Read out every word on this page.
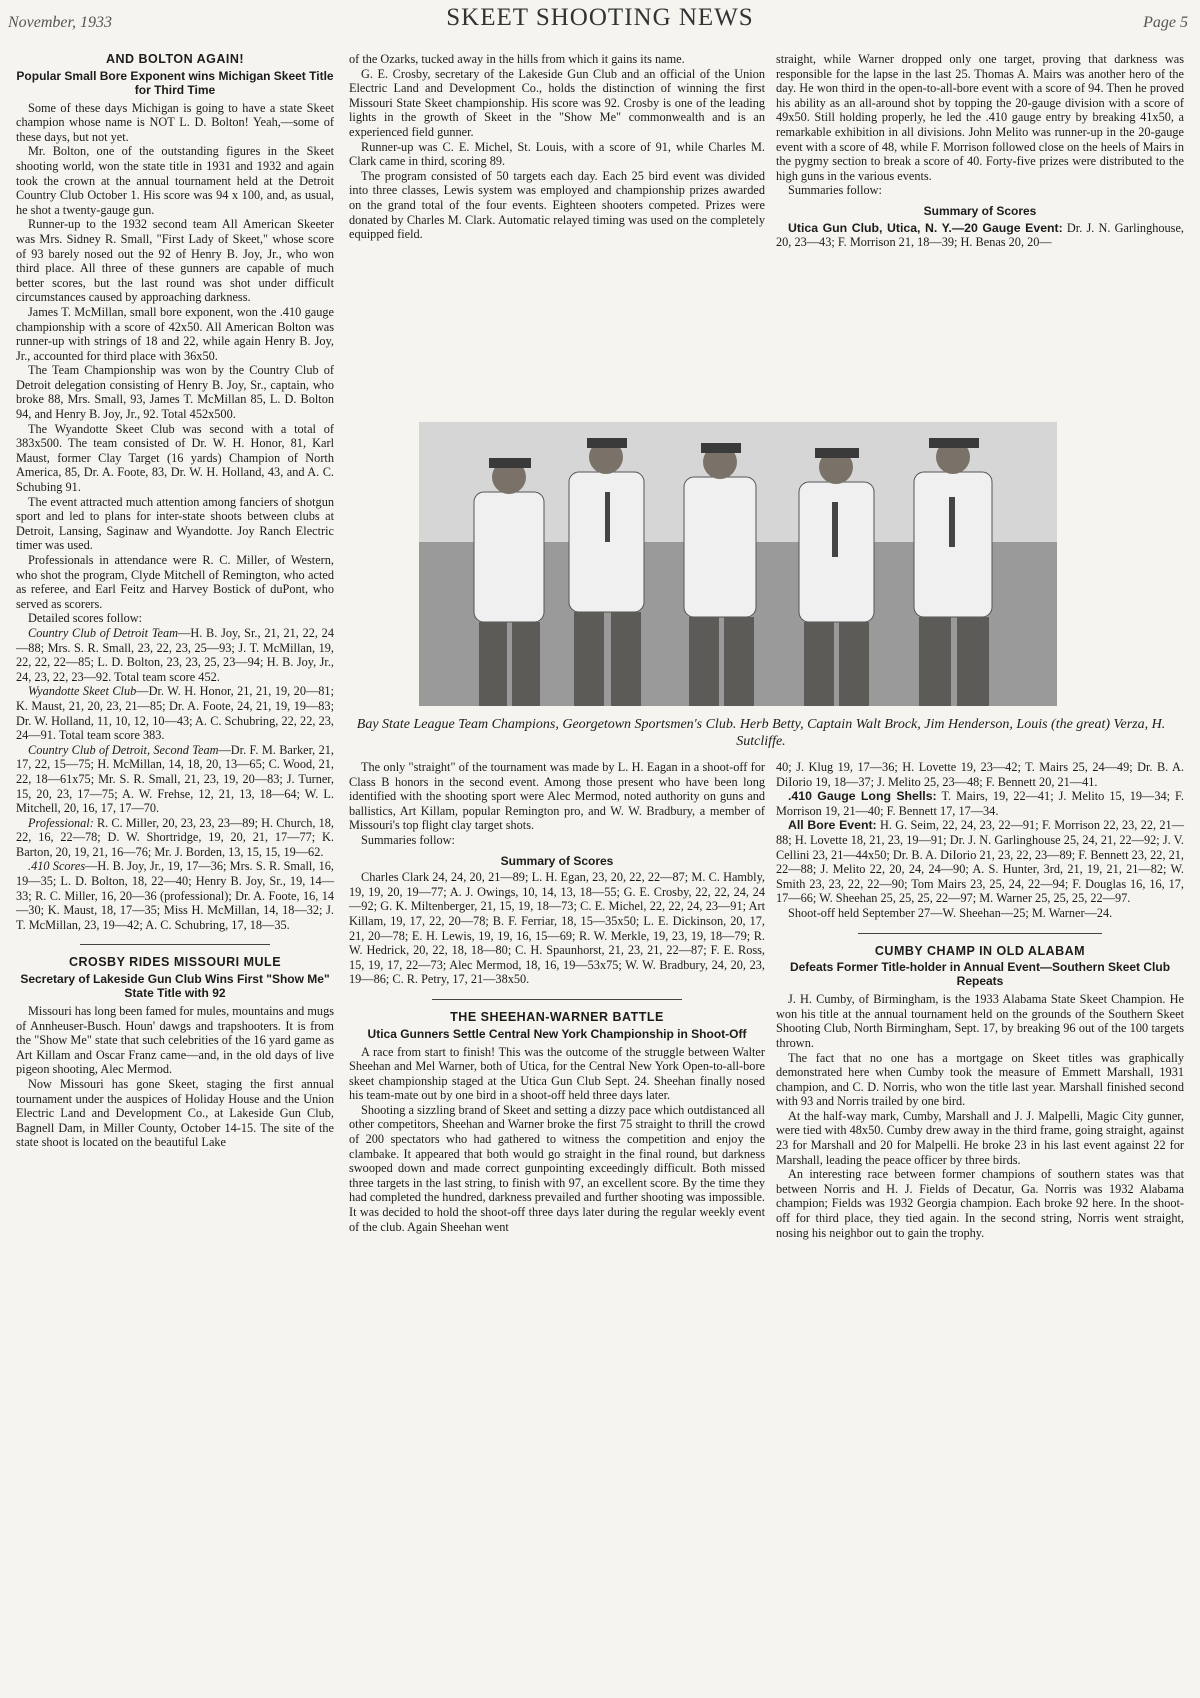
November, 1933	SKEET SHOOTING NEWS	Page 5
AND BOLTON AGAIN!
Popular Small Bore Exponent wins Michigan Skeet Title for Third Time

Some of these days Michigan is going to have a state Skeet champion whose name is NOT L. D. Bolton! Yeah,—some of these days, but not yet.

Mr. Bolton, one of the outstanding figures in the Skeet shooting world, won the state title in 1931 and 1932 and again took the crown at the annual tournament held at the Detroit Country Club October 1. His score was 94 x 100, and, as usual, he shot a twenty-gauge gun.

Runner-up to the 1932 second team All American Skeeter was Mrs. Sidney R. Small, "First Lady of Skeet," whose score of 93 barely nosed out the 92 of Henry B. Joy, Jr., who won third place. All three of these gunners are capable of much better scores, but the last round was shot under difficult circumstances caused by approaching darkness.

James T. McMillan, small bore exponent, won the .410 gauge championship with a score of 42x50. All American Bolton was runner-up with strings of 18 and 22, while again Henry B. Joy, Jr., accounted for third place with 36x50.

The Team Championship was won by the Country Club of Detroit delegation consisting of Henry B. Joy, Sr., captain, who broke 88, Mrs. Small, 93, James T. McMillan 85, L. D. Bolton 94, and Henry B. Joy, Jr., 92. Total 452x500.

The Wyandotte Skeet Club was second with a total of 383x500. The team consisted of Dr. W. H. Honor, 81, Karl Maust, former Clay Target (16 yards) Champion of North America, 85, Dr. A. Foote, 83, Dr. W. H. Holland, 43, and A. C. Schubing 91.

The event attracted much attention among fanciers of shotgun sport and led to plans for inter-state shoots between clubs at Detroit, Lansing, Saginaw and Wyandotte. Joy Ranch Electric timer was used.

Professionals in attendance were R. C. Miller, of Western, who shot the program, Clyde Mitchell of Remington, who acted as referee, and Earl Feitz and Harvey Bostick of duPont, who served as scorers.

Detailed scores follow:

Country Club of Detroit Team—H. B. Joy, Sr., 21, 21, 22, 24—88; Mrs. S. R. Small, 23, 22, 23, 25—93; J. T. McMillan, 19, 22, 22, 22—85; L. D. Bolton, 23, 23, 25, 23—94; H. B. Joy, Jr., 24, 23, 22, 23—92. Total team score 452.

Wyandotte Skeet Club—Dr. W. H. Honor, 21, 21, 19, 20—81; K. Maust, 21, 20, 23, 21—85; Dr. A. Foote, 24, 21, 19, 19—83; Dr. W. Holland, 11, 10, 12, 10—43; A. C. Schubring, 22, 22, 23, 24—91. Total team score 383.

Country Club of Detroit, Second Team—Dr. F. M. Barker, 21, 17, 22, 15—75; H. McMillan, 14, 18, 20, 13—65; C. Wood, 21, 22, 18—61x75; Mr. S. R. Small, 21, 23, 19, 20—83; J. Turner, 15, 20, 23, 17—75; A. W. Frehse, 12, 21, 13, 18—64; W. L. Mitchell, 20, 16, 17, 17—70.

Professional: R. C. Miller, 20, 23, 23, 23—89; H. Church, 18, 22, 16, 22—78; D. W. Shortridge, 19, 20, 21, 17—77; K. Barton, 20, 19, 21, 16—76; Mr. J. Borden, 13, 15, 15, 19—62.

.410 Scores—H. B. Joy, Jr., 19, 17—36; Mrs. S. R. Small, 16, 19—35; L. D. Bolton, 18, 22—40; Henry B. Joy, Sr., 19, 14—33; R. C. Miller, 16, 20—36 (professional); Dr. A. Foote, 16, 14—30; K. Maust, 18, 17—35; Miss H. McMillan, 14, 18—32; J. T. McMillan, 23, 19—42; A. C. Schubring, 17, 18—35.

CROSBY RIDES MISSOURI MULE
Secretary of Lakeside Gun Club Wins First "Show Me" State Title with 92

Missouri has long been famed for mules, mountains and mugs of Annheuser-Busch. Houn' dawgs and trapshooters. It is from the "Show Me" state that such celebrities of the 16 yard game as Art Killam and Oscar Franz came—and, in the old days of live pigeon shooting, Alec Mermod.

Now Missouri has gone Skeet, staging the first annual tournament under the auspices of Holiday House and the Union Electric Land and Development Co., at Lakeside Gun Club, Bagnell Dam, in Miller County, October 14-15. The site of the state shoot is located on the beautiful Lake

of the Ozarks, tucked away in the hills from which it gains its name.

G. E. Crosby, secretary of the Lakeside Gun Club and an official of the Union Electric Land and Development Co., holds the distinction of winning the first Missouri State Skeet championship. His score was 92. Crosby is one of the leading lights in the growth of Skeet in the "Show Me" commonwealth and is an experienced field gunner.

Runner-up was C. E. Michel, St. Louis, with a score of 91, while Charles M. Clark came in third, scoring 89.

The program consisted of 50 targets each day. Each 25 bird event was divided into three classes, Lewis system was employed and championship prizes awarded on the grand total of the four events. Eighteen shooters competed. Prizes were donated by Charles M. Clark. Automatic relayed timing was used on the completely equipped field.

straight, while Warner dropped only one target, proving that darkness was responsible for the lapse in the last 25. Thomas A. Mairs was another hero of the day. He won third in the open-to-all-bore event with a score of 94. Then he proved his ability as an all-around shot by topping the 20-gauge division with a score of 49x50. Still holding properly, he led the .410 gauge entry by breaking 41x50, a remarkable exhibition in all divisions. John Melito was runner-up in the 20-gauge event with a score of 48, while F. Morrison followed close on the heels of Mairs in the pygmy section to break a score of 40. Forty-five prizes were distributed to the high guns in the various events.

Summaries follow:

Summary of Scores

Utica Gun Club, Utica, N. Y.—20 Gauge Event: Dr. J. N. Garlinghouse, 20, 23—43; F. Morrison 21, 18—39; H. Benas 20, 20—

Bay State League Team Champions, Georgetown Sportsmen's Club. Herb Betty, Captain Walt Brock, Jim Henderson, Louis (the great) Verza, H. Sutcliffe.

The only "straight" of the tournament was made by L. H. Eagan in a shoot-off for Class B honors in the second event. Among those present who have been long identified with the shooting sport were Alec Mermod, noted authority on guns and ballistics, Art Killam, popular Remington pro, and W. W. Bradbury, a member of Missouri's top flight clay target shots.

Summaries follow:

Summary of Scores

Charles Clark 24, 24, 20, 21—89; L. H. Egan, 23, 20, 22, 22—87; M. C. Hambly, 19, 19, 20, 19—77; A. J. Owings, 10, 14, 13, 18—55; G. E. Crosby, 22, 22, 24, 24—92; G. K. Miltenberger, 21, 15, 19, 18—73; C. E. Michel, 22, 22, 24, 23—91; Art Killam, 19, 17, 22, 20—78; B. F. Ferriar, 18, 15—35x50; L. E. Dickinson, 20, 17, 21, 20—78; E. H. Lewis, 19, 19, 16, 15—69; R. W. Merkle, 19, 23, 19, 18—79; R. W. Hedrick, 20, 22, 18, 18—80; C. H. Spaunhorst, 21, 23, 21, 22—87; F. E. Ross, 15, 19, 17, 22—73; Alec Mermod, 18, 16, 19—53x75; W. W. Bradbury, 24, 20, 23, 19—86; C. R. Petry, 17, 21—38x50.

THE SHEEHAN-WARNER BATTLE
Utica Gunners Settle Central New York Championship in Shoot-Off

A race from start to finish! This was the outcome of the struggle between Walter Sheehan and Mel Warner, both of Utica, for the Central New York Open-to-all-bore skeet championship staged at the Utica Gun Club Sept. 24. Sheehan finally nosed his team-mate out by one bird in a shoot-off held three days later.

Shooting a sizzling brand of Skeet and setting a dizzy pace which outdistanced all other competitors, Sheehan and Warner broke the first 75 straight to thrill the crowd of 200 spectators who had gathered to witness the competition and enjoy the clambake. It appeared that both would go straight in the final round, but darkness swooped down and made correct gunpointing exceedingly difficult. Both missed three targets in the last string, to finish with 97, an excellent score. By the time they had completed the hundred, darkness prevailed and further shooting was impossible. It was decided to hold the shoot-off three days later during the regular weekly event of the club. Again Sheehan went

40; J. Klug 19, 17—36; H. Lovette 19, 23—42; T. Mairs 25, 24—49; Dr. B. A. DiIorio 19, 18—37; J. Melito 25, 23—48; F. Bennett 20, 21—41.

.410 Gauge Long Shells: T. Mairs, 19, 22—41; J. Melito 15, 19—34; F. Morrison 19, 21—40; F. Bennett 17, 17—34.

All Bore Event: H. G. Seim, 22, 24, 23, 22—91; F. Morrison 22, 23, 22, 21—88; H. Lovette 18, 21, 23, 19—91; Dr. J. N. Garlinghouse 25, 24, 21, 22—92; J. V. Cellini 23, 21—44x50; Dr. B. A. DiIorio 21, 23, 22, 23—89; F. Bennett 23, 22, 21, 22—88; J. Melito 22, 20, 24, 24—90; A. S. Hunter, 3rd, 21, 19, 21, 21—82; W. Smith 23, 23, 22, 22—90; Tom Mairs 23, 25, 24, 22—94; F. Douglas 16, 16, 17, 17—66; W. Sheehan 25, 25, 25, 22—97; M. Warner 25, 25, 25, 22—97.

Shoot-off held September 27—W. Sheehan—25; M. Warner—24.

CUMBY CHAMP IN OLD ALABAM
Defeats Former Title-holder in Annual Event—Southern Skeet Club Repeats

J. H. Cumby, of Birmingham, is the 1933 Alabama State Skeet Champion. He won his title at the annual tournament held on the grounds of the Southern Skeet Shooting Club, North Birmingham, Sept. 17, by breaking 96 out of the 100 targets thrown.

The fact that no one has a mortgage on Skeet titles was graphically demonstrated here when Cumby took the measure of Emmett Marshall, 1931 champion, and C. D. Norris, who won the title last year. Marshall finished second with 93 and Norris trailed by one bird.

At the half-way mark, Cumby, Marshall and J. J. Malpelli, Magic City gunner, were tied with 48x50. Cumby drew away in the third frame, going straight, against 23 for Marshall and 20 for Malpelli. He broke 23 in his last event against 22 for Marshall, leading the peace officer by three birds.

An interesting race between former champions of southern states was that between Norris and H. J. Fields of Decatur, Ga. Norris was 1932 Alabama champion; Fields was 1932 Georgia champion. Each broke 92 here. In the shoot-off for third place, they tied again. In the second string, Norris went straight, nosing his neighbor out to gain the trophy.
